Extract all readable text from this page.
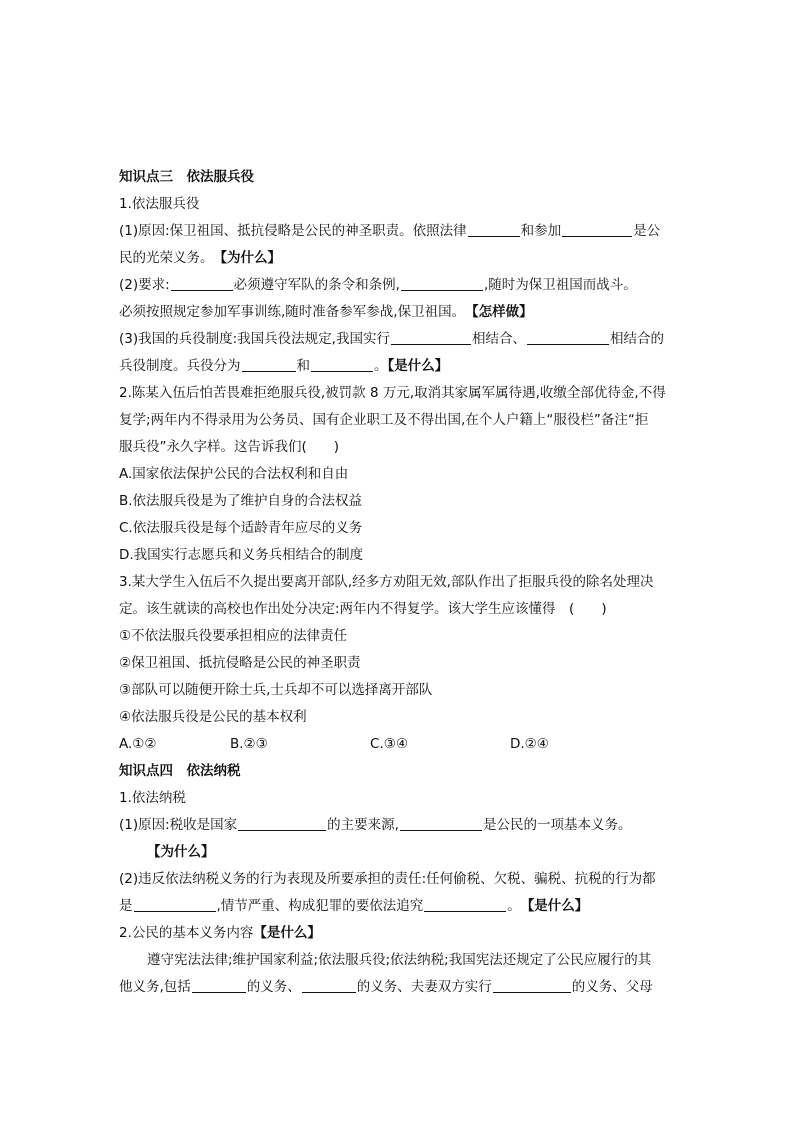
知识点三　依法服兵役
1.依法服兵役
(1)原因:保卫祖国、抵抗侵略是公民的神圣职责。依照法律	和参加	是公
民的光荣义务。　 【为什么】
(2)要求:	必须遵守军队的条令和条例,	,随时为保卫祖国而战斗。
必须按照规定参加军事训练,随时准备参军参战,保卫祖国。　 【怎样做】
(3)我国的兵役制度:我国兵役法规定,我国实行	相结合、	相结合的
兵役制度。兵役分为	和	。【是什么】
2.陈某入伍后怕苦畏难拒绝服兵役,被罚款 8 万元,取消其家属军属待遇,收缴全部优待金,不得
复学;两年内不得录用为公务员、国有企业职工及不得出国,在个人户籍上“服役栏”备注“拒
服兵役”永久字样。这告诉我们(　　)
A.国家依法保护公民的合法权利和自由
B.依法服兵役是为了维护自身的合法权益
C.依法服兵役是每个适龄青年应尽的义务
D.我国实行志愿兵和义务兵相结合的制度
3.某大学生入伍后不久提出要离开部队,经多方劝阻无效,部队作出了拒服兵役的除名处理决
定。该生就读的高校也作出处分决定:两年内不得复学。该大学生应该懂得　(　　)
①不依法服兵役要承担相应的法律责任
②保卫祖国、抵抗侵略是公民的神圣职责
③部队可以随便开除士兵,士兵却不可以选择离开部队
④依法服兵役是公民的基本权利
A.①②	B.②③	C.③④	D.②④
知识点四　依法纳税
1.依法纳税
(1)原因:税收是国家	的主要来源,	是公民的一项基本义务。
【为什么】
(2)违反依法纳税义务的行为表现及所要承担的责任:任何偷税、欠税、骗税、抗税的行为都
是	,情节严重、构成犯罪的要依法追究	。　 【是什么】
2.公民的基本义务内容【是什么】
遵守宪法法律;维护国家利益;依法服兵役;依法纳税;我国宪法还规定了公民应履行的其
他义务,包括	的义务、	的义务、夫妻双方实行	的义务、父母
